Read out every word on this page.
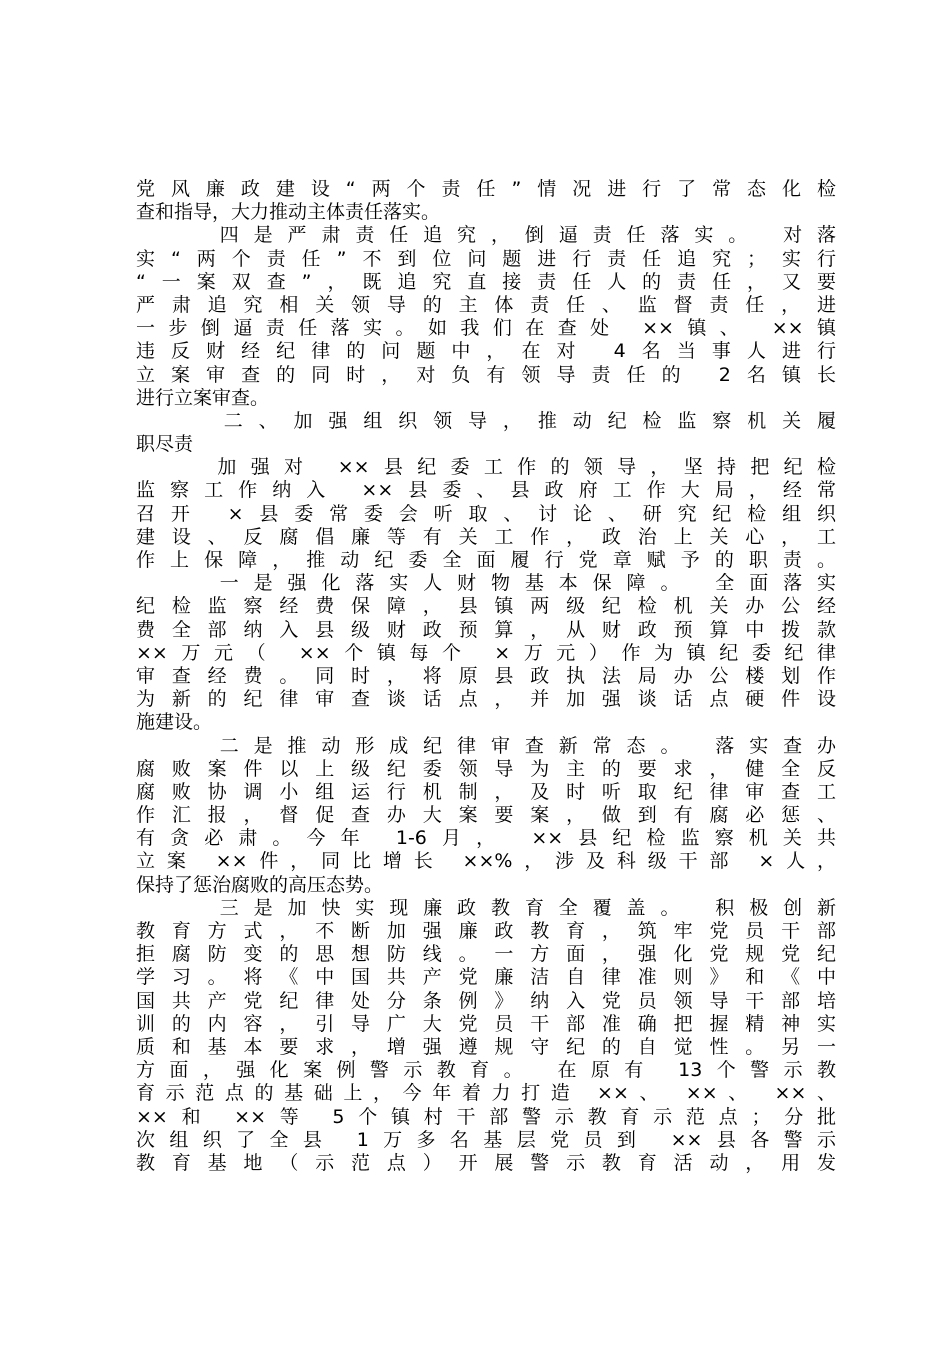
党风廉政建设“两个责任”情况进行了常态化检
查和指导，大力推动主体责任落实。
四是严肃责任追究，倒逼责任落实。 对落
实“两个责任”不到位问题进行责任追究；实行
“一案双查”，既追究直接责任人的责任，又要
严肃追究相关领导的主体责任、监督责任，进
一步倒逼责任落实。如我们在查处 ××镇、 ××镇
违反财经纪律的问题中，在对 4名当事人进行
立案审查的同时，对负有领导责任的 2名镇长
进行立案审查。
二、加强组织领导，推动纪检监察机关履
职尽责
加强对 ××县纪委工作的领导，坚持把纪检
监察工作纳入 ××县委、县政府工作大局，经常
召开 ×县委常委会听取、讨论、研究纪检组织
建设、反腐倡廉等有关工作，政治上关心，工
作上保障，推动纪委全面履行党章赋予的职责。
一是强化落实人财物基本保障。 全面落实
纪检监察经费保障，县镇两级纪检机关办公经
费全部纳入县级财政预算，从财政预算中拨款
××万元（ ××个镇每个 ×万元）作为镇纪委纪律
审查经费。同时，将原县政执法局办公楼划作
为新的纪律审查谈话点，并加强谈话点硬件设
施建设。
二是推动形成纪律审查新常态。 落实查办
腐败案件以上级纪委领导为主的要求，健全反
腐败协调小组运行机制，及时听取纪律审查工
作汇报，督促查办大案要案，做到有腐必惩、
有贪必肃。今年 1-6月， ××县纪检监察机关共
立案 ××件，同比增长 ××%，涉及科级干部 ×人，
保持了惩治腐败的高压态势。
三是加快实现廉政教育全覆盖。 积极创新
教育方式，不断加强廉政教育，筑牢党员干部
拒腐防变的思想防线。一方面，强化党规党纪
学习。将《中国共产党廉洁自律准则》和《中
国共产党纪律处分条例》纳入党员领导干部培
训的内容，引导广大党员干部准确把握精神实
质和基本要求，增强遵规守纪的自觉性。另一
方面，强化案例警示教育。 在原有 13个警示教
育示范点的基础上，今年着力打造 ××、 ××、 ××、
××和 ××等 5个镇村干部警示教育示范点；分批
次组织了全县 1万多名基层党员到 ××县各警示
教育基地（示范点）开展警示教育活动，用发
